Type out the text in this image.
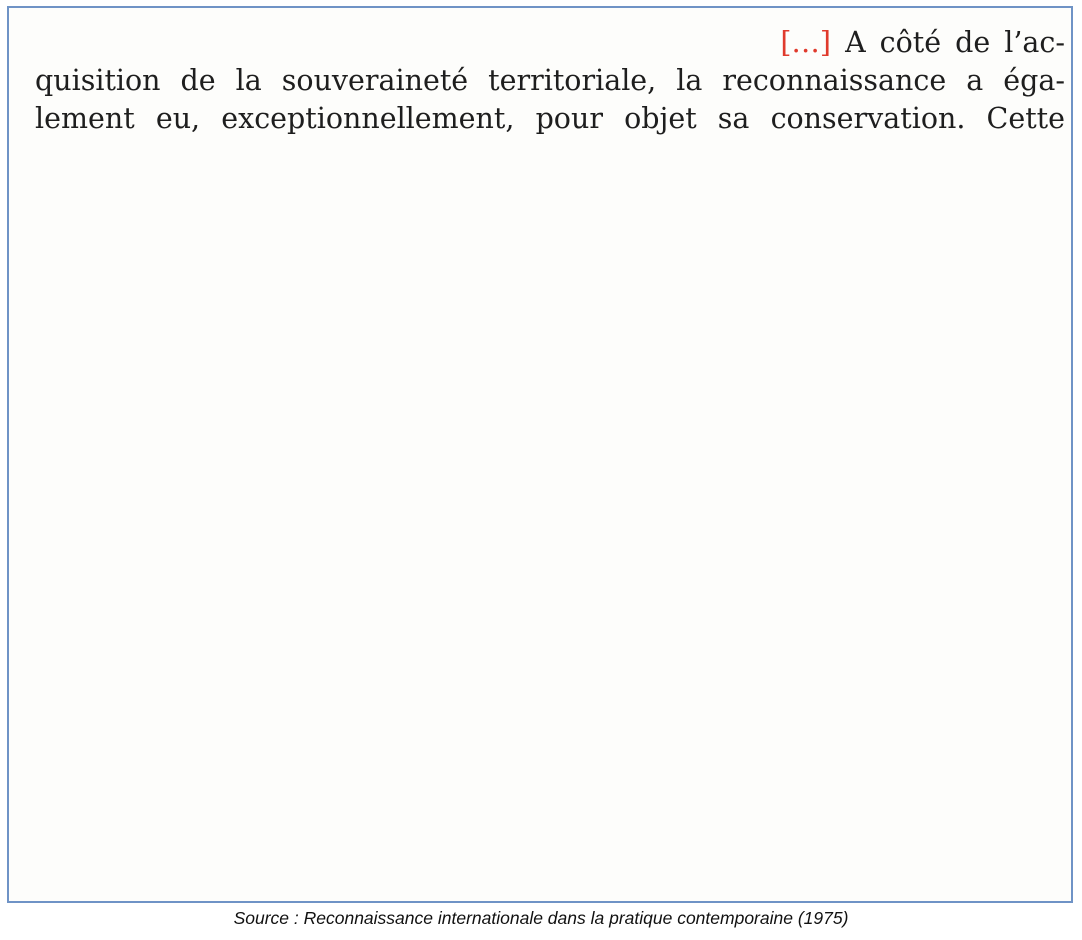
[…] A côté de l’ac-
quisition de la souveraineté territoriale, la reconnaissance a éga-
lement eu, exceptionnellement, pour objet sa conservation. Cette
Source : Reconnaissance internationale dans la pratique contemporaine (1975)
